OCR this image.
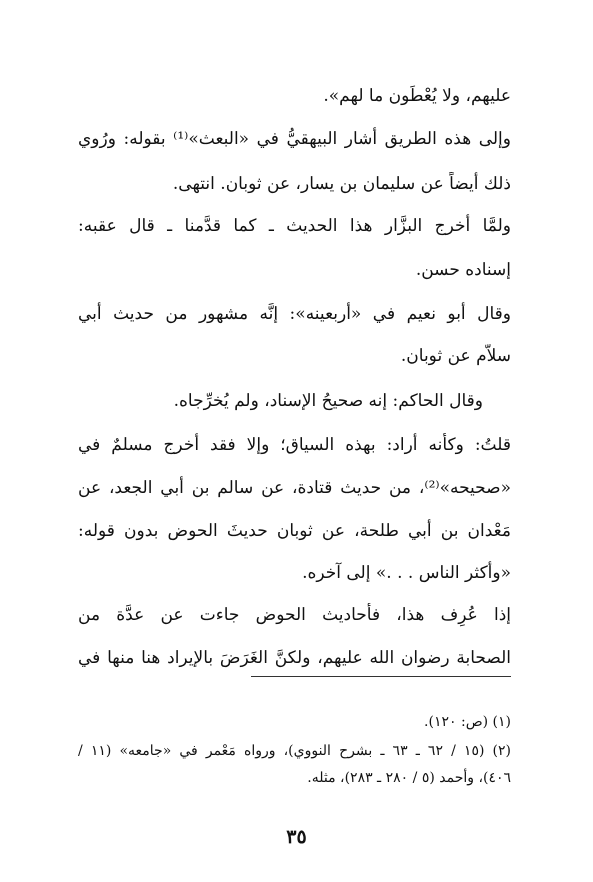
عليهم، ولا يُعْطَون ما لهم».
وإلى هذه الطريق أشار البيهقيُّ في «البعث»⁽¹⁾ بقوله: ورُوي
ذلك أيضاً عن سليمان بن يسار، عن ثوبان. انتهى.
ولمَّا أخرج البزَّار هذا الحديث ـ كما قدَّمنا ـ قال عقبه:
إسناده حسن.
وقال أبو نعيم في «أربعينه»: إنَّه مشهور من حديث أبي
سلاَّم عن ثوبان.
وقال الحاكم: إنه صحيحُ الإسناد، ولم يُخرِّجاه.
قلتُ: وكأنه أراد: بهذه السياق؛ وإلا فقد أخرج مسلمٌ في
«صحيحه»⁽²⁾، من حديث قتادة، عن سالم بن أبي الجعد، عن
مَعْدان بن أبي طلحة، عن ثوبان حديثَ الحوض بدون قوله:
«وأكثر الناس . . .» إلى آخره.
إذا عُرِف هذا، فأحاديث الحوض جاءت عن عدَّة من
الصحابة رضوان الله عليهم، ولكنَّ الغَرَضَ بالإيراد هنا منها في
(١) (ص: ١٢٠).
(٢) (١٥ / ٦٢ ـ ٦٣ ـ بشرح النووي)، ورواه مَعْمر في «جامعه» (١١ /
٤٠٦)، وأحمد (٥ / ٢٨٠ ـ ٢٨٣)، مثله.
٣٥
